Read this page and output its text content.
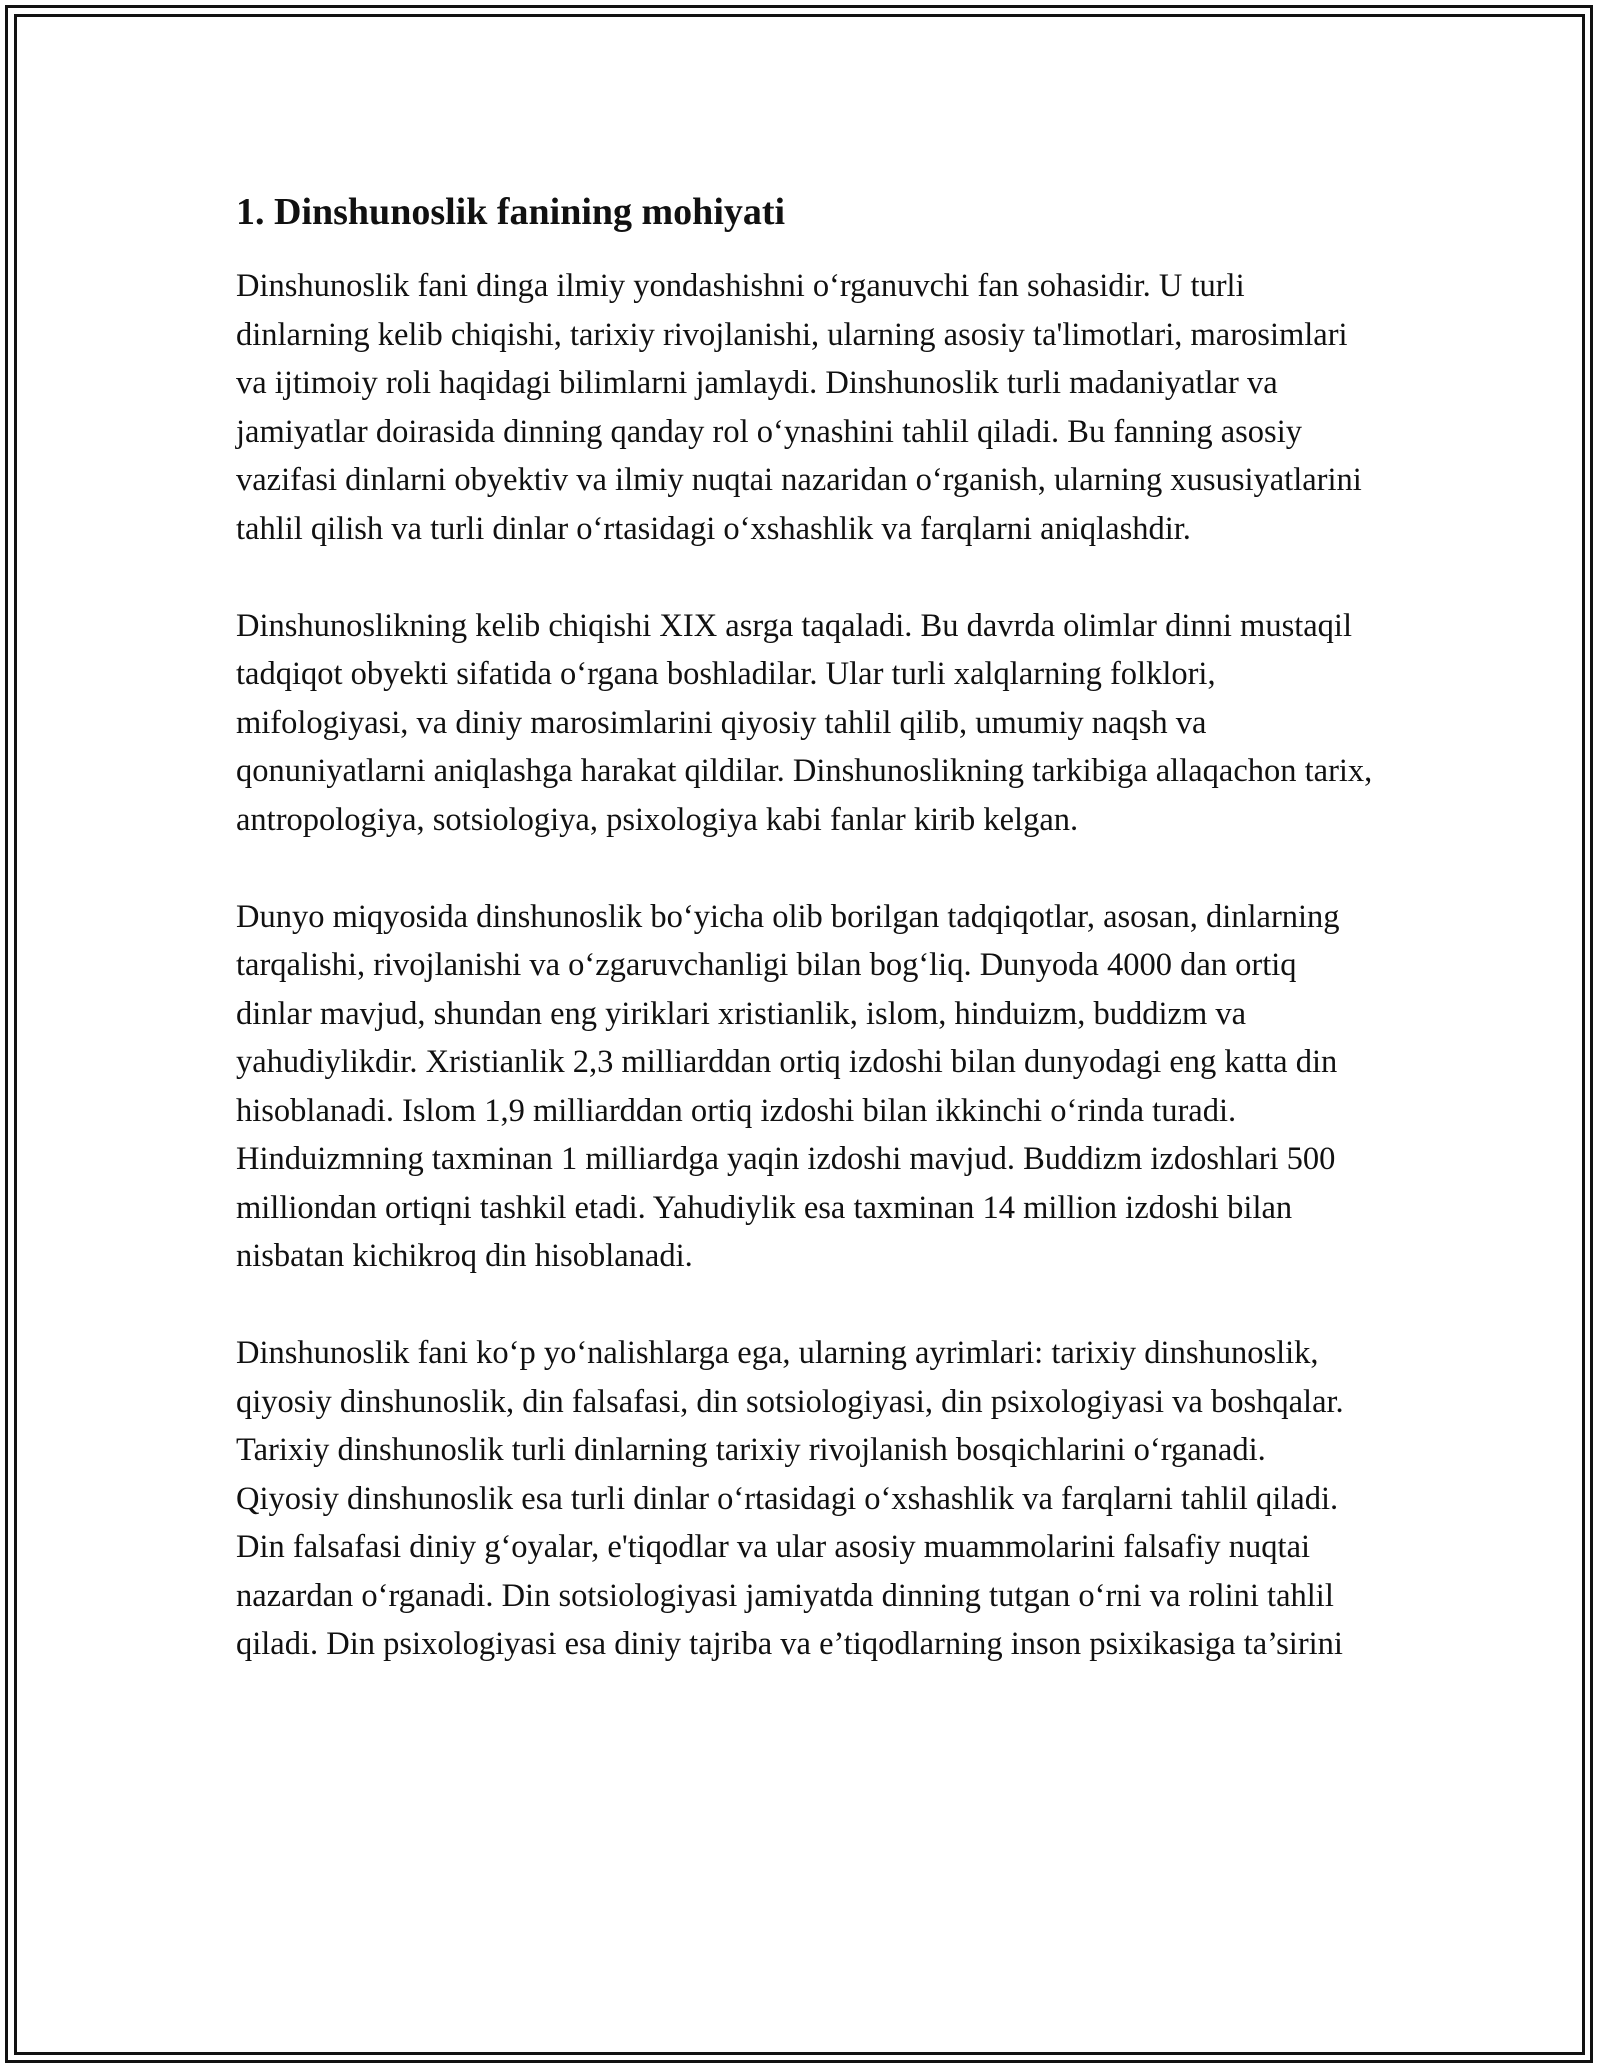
1. Dinshunoslik fanining mohiyati

Dinshunoslik fani dinga ilmiy yondashishni o‘rganuvchi fan sohasidir. U turli dinlarning kelib chiqishi, tarixiy rivojlanishi, ularning asosiy ta'limotlari, marosimlari va ijtimoiy roli haqidagi bilimlarni jamlaydi. Dinshunoslik turli madaniyatlar va jamiyatlar doirasida dinning qanday rol o‘ynashini tahlil qiladi. Bu fanning asosiy vazifasi dinlarni obyektiv va ilmiy nuqtai nazaridan o‘rganish, ularning xususiyatlarini tahlil qilish va turli dinlar o‘rtasidagi o‘xshashlik va farqlarni aniqlashdir.

Dinshunoslikning kelib chiqishi XIX asrga taqaladi. Bu davrda olimlar dinni mustaqil tadqiqot obyekti sifatida o‘rgana boshladilar. Ular turli xalqlarning folklori, mifologiyasi, va diniy marosimlarini qiyosiy tahlil qilib, umumiy naqsh va qonuniyatlarni aniqlashga harakat qildilar. Dinshunoslikning tarkibiga allaqachon tarix, antropologiya, sotsiologiya, psixologiya kabi fanlar kirib kelgan.

Dunyo miqyosida dinshunoslik bo‘yicha olib borilgan tadqiqotlar, asosan, dinlarning tarqalishi, rivojlanishi va o‘zgaruvchanligi bilan bog‘liq. Dunyoda 4000 dan ortiq dinlar mavjud, shundan eng yiriklari xristianlik, islom, hinduizm, buddizm va yahudiylikdir. Xristianlik 2,3 milliarddan ortiq izdoshi bilan dunyodagi eng katta din hisoblanadi. Islom 1,9 milliarddan ortiq izdoshi bilan ikkinchi o‘rinda turadi. Hinduizmning taxminan 1 milliardga yaqin izdoshi mavjud. Buddizm izdoshlari 500 milliondan ortiqni tashkil etadi. Yahudiylik esa taxminan 14 million izdoshi bilan nisbatan kichikroq din hisoblanadi.

Dinshunoslik fani ko‘p yo‘nalishlarga ega, ularning ayrimlari: tarixiy dinshunoslik, qiyosiy dinshunoslik, din falsafasi, din sotsiologiyasi, din psixologiyasi va boshqalar. Tarixiy dinshunoslik turli dinlarning tarixiy rivojlanish bosqichlarini o‘rganadi. Qiyosiy dinshunoslik esa turli dinlar o‘rtasidagi o‘xshashlik va farqlarni tahlil qiladi. Din falsafasi diniy g‘oyalar, e'tiqodlar va ular asosiy muammolarini falsafiy nuqtai nazardan o‘rganadi. Din sotsiologiyasi jamiyatda dinning tutgan o‘rni va rolini tahlil qiladi. Din psixologiyasi esa diniy tajriba va e’tiqodlarning inson psixikasiga ta’sirini
